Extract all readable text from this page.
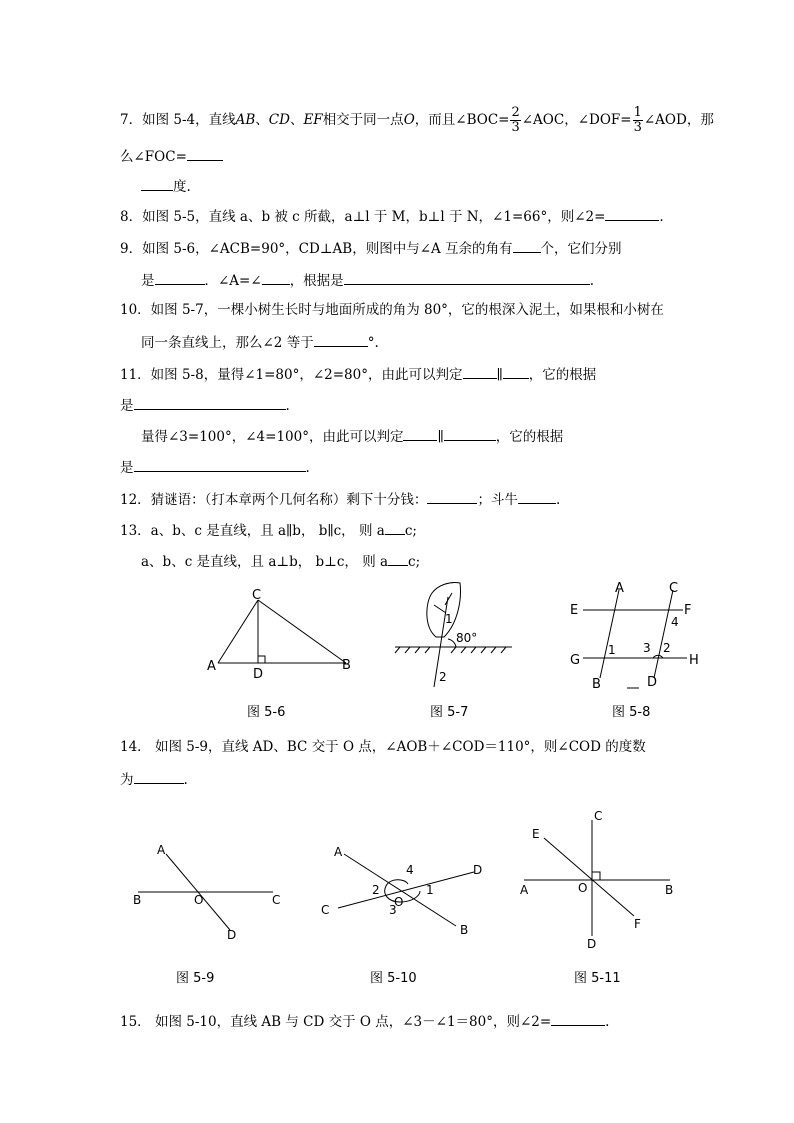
7．如图 5-4，直线AB、CD、EF相交于同一点O，而且∠BOC= $\frac{2}{3}$ ∠AOC，∠DOF= $\frac{1}{3}$ ∠AOD，那
么∠FOC=
度.
8．如图 5-5，直线 a、b 被 c 所截，a⊥l 于 M，b⊥l 于 N，∠1=66°，则∠2=	.
9．如图 5-6，∠ACB=90°，CD⊥AB，则图中与∠A 互余的角有 个，它们分别
是	．∠A=∠ ，根据是	.
10．如图 5-7，一棵小树生长时与地面所成的角为 80°，它的根深入泥土，如果根和小树在
同一条直线上，那么∠2 等于	°.
11．如图 5-8，量得∠1=80°，∠2=80°，由此可以判定	∥ ，它的根据
是	.
量得∠3=100°，∠4=100°，由此可以判定	∥	，它的根据
是	.
12．猜谜语：（打本章两个几何名称）剩下十分钱：	；斗牛	.
13．a、b、c 是直线，且 a∥b， b∥c， 则 a c;
a、b、c 是直线，且 a⊥b， b⊥c， 则 a c;
C
A
D
B
图 5-6
1
80°
2
图 5-7
A	C
E	F
4
G
1 3 2
H
B	D
图 5-8
14． 如图 5-9，直线 AD、BC 交于 O 点，∠AOB＋∠COD＝110°，则∠COD 的度数
为	.
A
B	O	C
D
图 5-9
A
4	D
2	1
C
O
3
B
图 5-10
C
E
A	O	B
F
D
图 5-11
15． 如图 5-10，直线 AB 与 CD 交于 O 点，∠3－∠1＝80°，则∠2=	.
